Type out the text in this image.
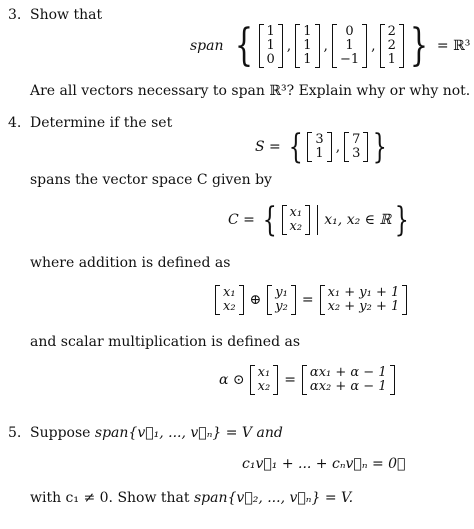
3. Show that
span { 1
1
0
,
1
1
1
,
0
1
−1
,
2
2
1 } = ℝ³
Are all vectors necessary to span ℝ³? Explain why or why not.
4. Determine if the set
S = { 3
1 , 7
3 }
spans the vector space C given by
C = { x₁
x₂ x₁, x₂ ∈ ℝ }
where addition is defined as
x₁
x₂ ⊕ y₁
y₂ = x₁ + y₁ + 1
x₂ + y₂ + 1
and scalar multiplication is defined as
α ⊙ x₁
x₂ = αx₁ + α − 1
αx₂ + α − 1
5. Suppose span{v⃗₁, ..., v⃗ₙ} = V and
c₁v⃗₁ + ... + cₙv⃗ₙ = 0⃗
with c₁ ≠ 0. Show that span{v⃗₂, ..., v⃗ₙ} = V.
